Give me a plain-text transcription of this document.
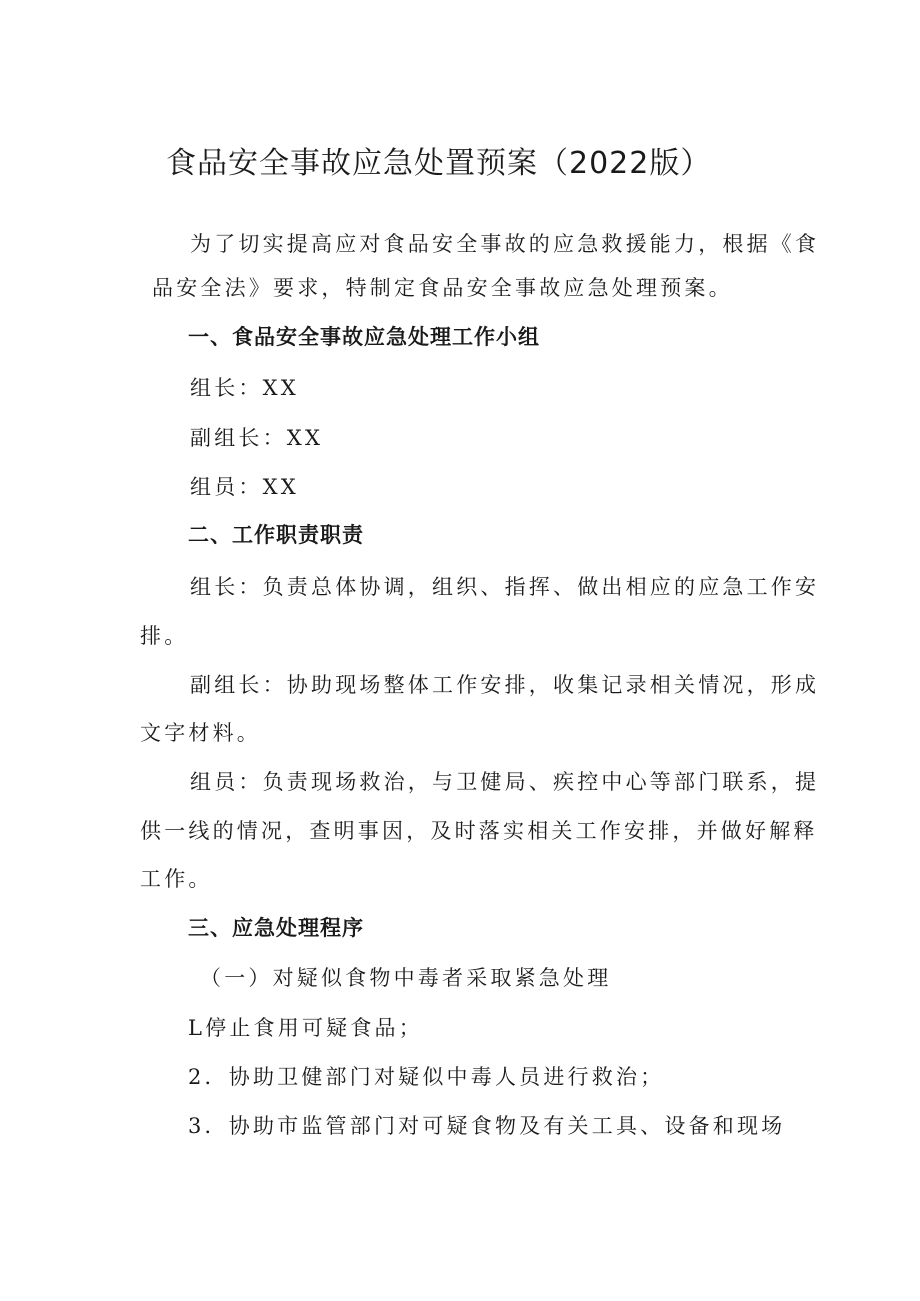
食品安全事故应急处置预案（2022版）

为了切实提高应对食品安全事故的应急救援能力，根据《食

品安全法》要求，特制定食品安全事故应急处理预案。

一、食品安全事故应急处理工作小组

组长：XX

副组长：XX

组员：XX

二、工作职责职责

组长：负责总体协调，组织、指挥、做出相应的应急工作安

排。

副组长：协助现场整体工作安排，收集记录相关情况，形成

文字材料。

组员：负责现场救治，与卫健局、疾控中心等部门联系，提

供一线的情况，查明事因，及时落实相关工作安排，并做好解释

工作。

三、应急处理程序

（一）对疑似食物中毒者采取紧急处理

L停止食用可疑食品；

2．协助卫健部门对疑似中毒人员进行救治；

3．协助市监管部门对可疑食物及有关工具、设备和现场
